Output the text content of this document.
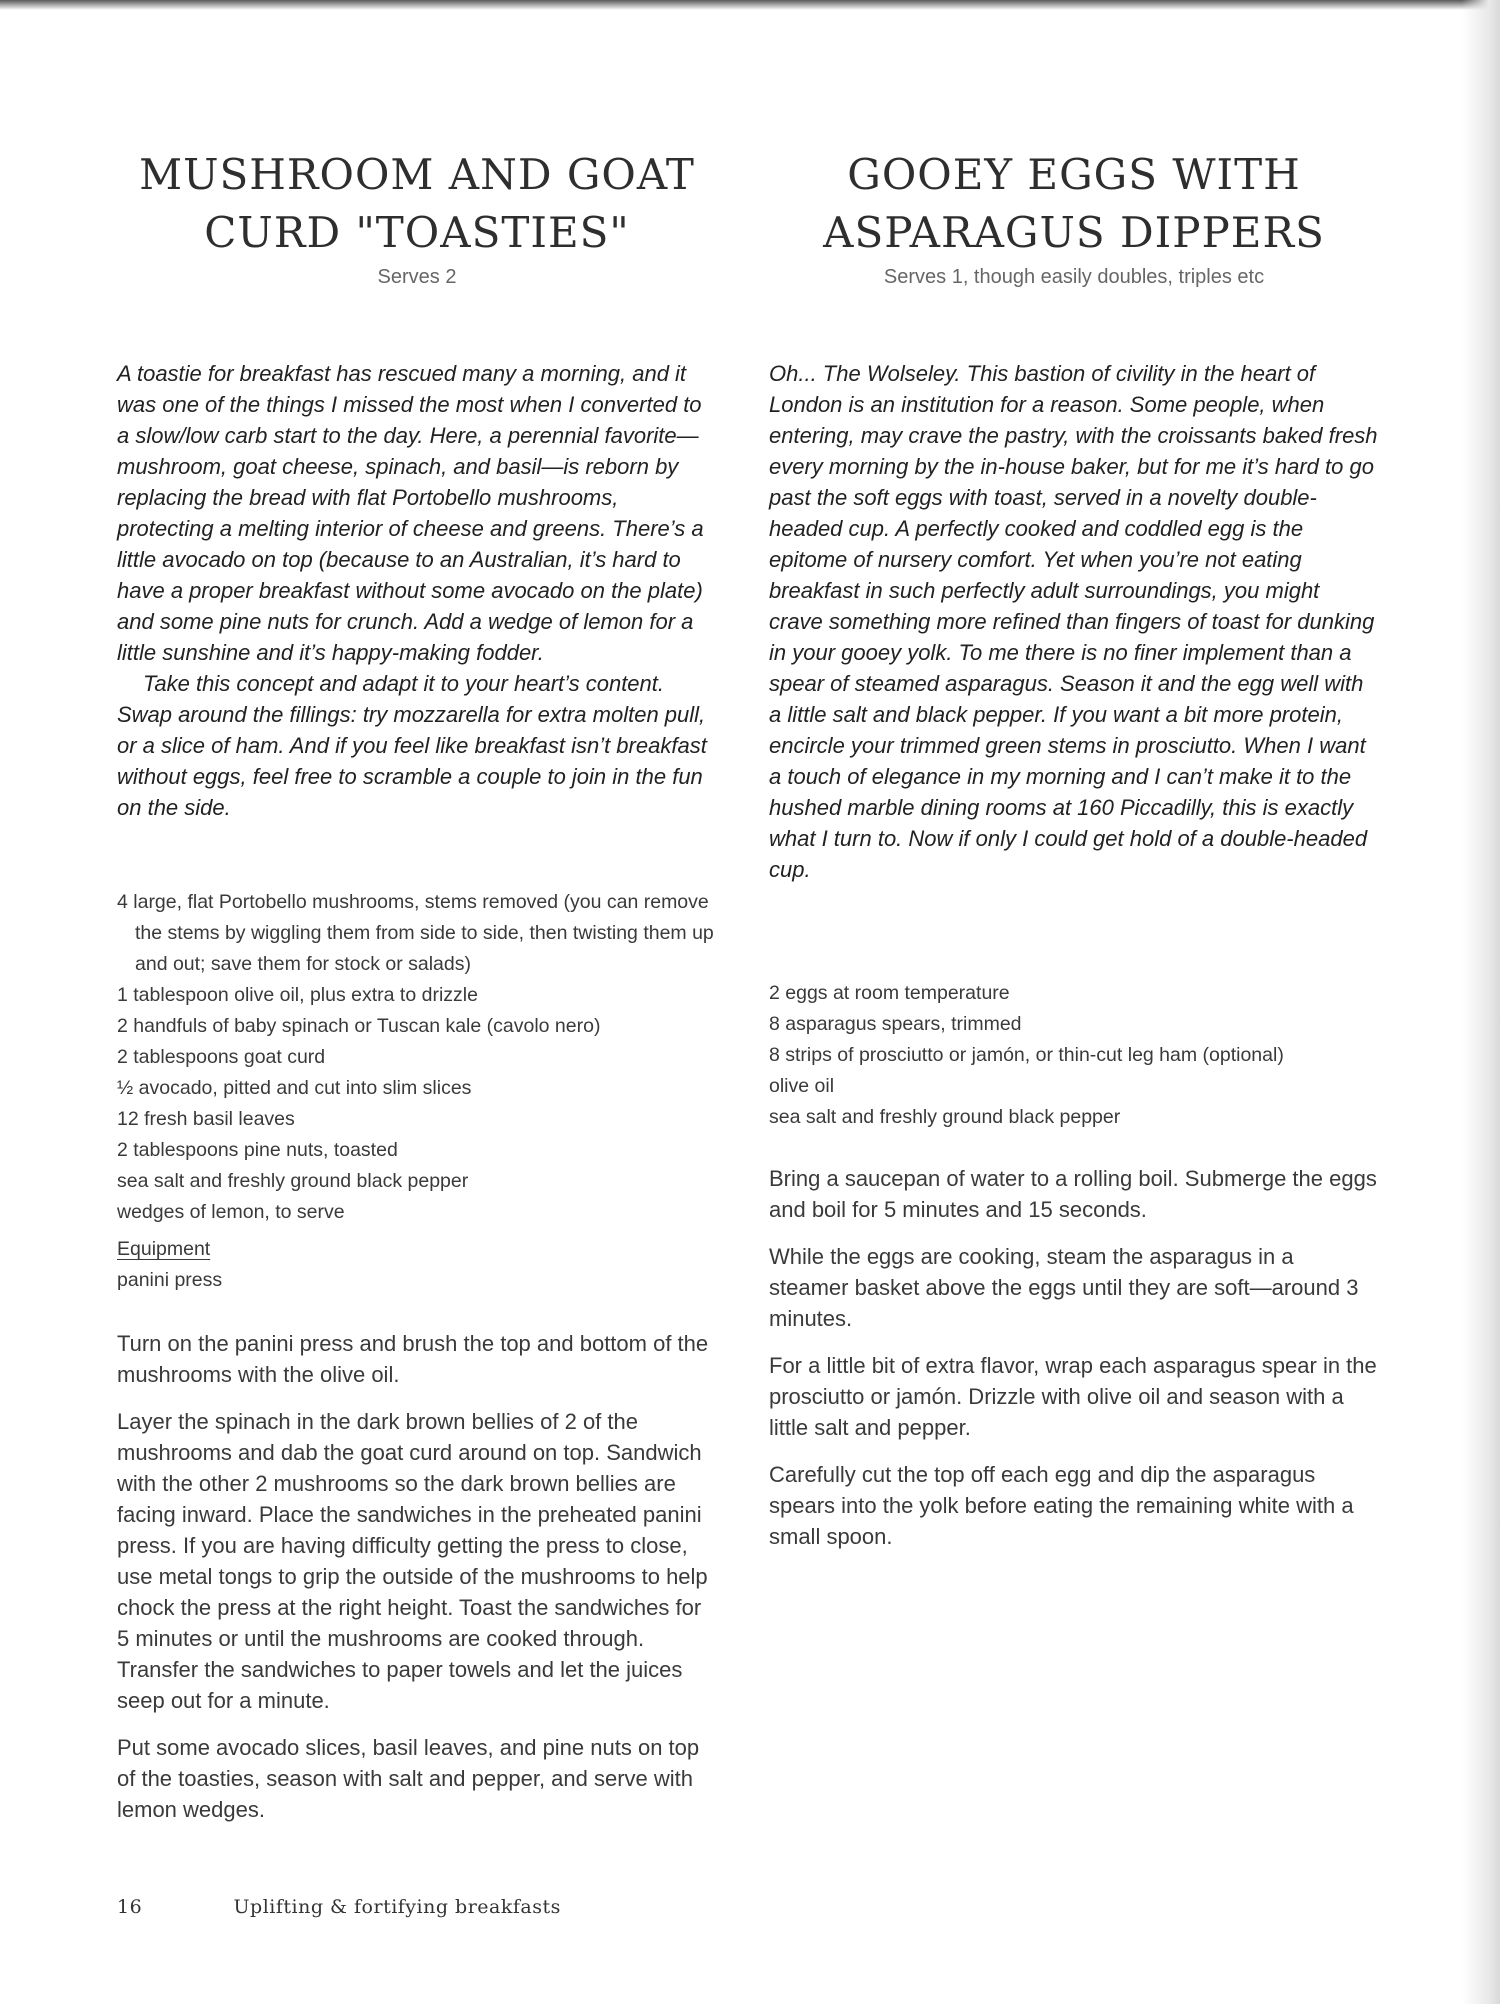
MUSHROOM AND GOAT
CURD "TOASTIES"
Serves 2

A toastie for breakfast has rescued many a morning, and it was one of the things I missed the most when I converted to a slow/low carb start to the day. Here, a perennial favorite—mushroom, goat cheese, spinach, and basil—is reborn by replacing the bread with flat Portobello mushrooms, protecting a melting interior of cheese and greens. There’s a little avocado on top (because to an Australian, it’s hard to have a proper breakfast without some avocado on the plate) and some pine nuts for crunch. Add a wedge of lemon for a little sunshine and it’s happy-making fodder.

Take this concept and adapt it to your heart’s content. Swap around the fillings: try mozzarella for extra molten pull, or a slice of ham. And if you feel like breakfast isn’t breakfast without eggs, feel free to scramble a couple to join in the fun on the side.

4 large, flat Portobello mushrooms, stems removed (you can remove the stems by wiggling them from side to side, then twisting them up and out; save them for stock or salads)
1 tablespoon olive oil, plus extra to drizzle
2 handfuls of baby spinach or Tuscan kale (cavolo nero)
2 tablespoons goat curd
½ avocado, pitted and cut into slim slices
12 fresh basil leaves
2 tablespoons pine nuts, toasted
sea salt and freshly ground black pepper
wedges of lemon, to serve
Equipment
panini press

Turn on the panini press and brush the top and bottom of the mushrooms with the olive oil.

Layer the spinach in the dark brown bellies of 2 of the mushrooms and dab the goat curd around on top. Sandwich with the other 2 mushrooms so the dark brown bellies are facing inward. Place the sandwiches in the preheated panini press. If you are having difficulty getting the press to close, use metal tongs to grip the outside of the mushrooms to help chock the press at the right height. Toast the sandwiches for 5 minutes or until the mushrooms are cooked through. Transfer the sandwiches to paper towels and let the juices seep out for a minute.

Put some avocado slices, basil leaves, and pine nuts on top of the toasties, season with salt and pepper, and serve with lemon wedges.

GOOEY EGGS WITH
ASPARAGUS DIPPERS
Serves 1, though easily doubles, triples etc

Oh... The Wolseley. This bastion of civility in the heart of London is an institution for a reason. Some people, when entering, may crave the pastry, with the croissants baked fresh every morning by the in-house baker, but for me it’s hard to go past the soft eggs with toast, served in a novelty double-headed cup. A perfectly cooked and coddled egg is the epitome of nursery comfort. Yet when you’re not eating breakfast in such perfectly adult surroundings, you might crave something more refined than fingers of toast for dunking in your gooey yolk. To me there is no finer implement than a spear of steamed asparagus. Season it and the egg well with a little salt and black pepper. If you want a bit more protein, encircle your trimmed green stems in prosciutto. When I want a touch of elegance in my morning and I can’t make it to the hushed marble dining rooms at 160 Piccadilly, this is exactly what I turn to. Now if only I could get hold of a double-headed cup.

2 eggs at room temperature
8 asparagus spears, trimmed
8 strips of prosciutto or jamón, or thin-cut leg ham (optional)
olive oil
sea salt and freshly ground black pepper

Bring a saucepan of water to a rolling boil. Submerge the eggs and boil for 5 minutes and 15 seconds.

While the eggs are cooking, steam the asparagus in a steamer basket above the eggs until they are soft—around 3 minutes.

For a little bit of extra flavor, wrap each asparagus spear in the prosciutto or jamón. Drizzle with olive oil and season with a little salt and pepper.

Carefully cut the top off each egg and dip the asparagus spears into the yolk before eating the remaining white with a small spoon.

16	Uplifting & fortifying breakfasts
